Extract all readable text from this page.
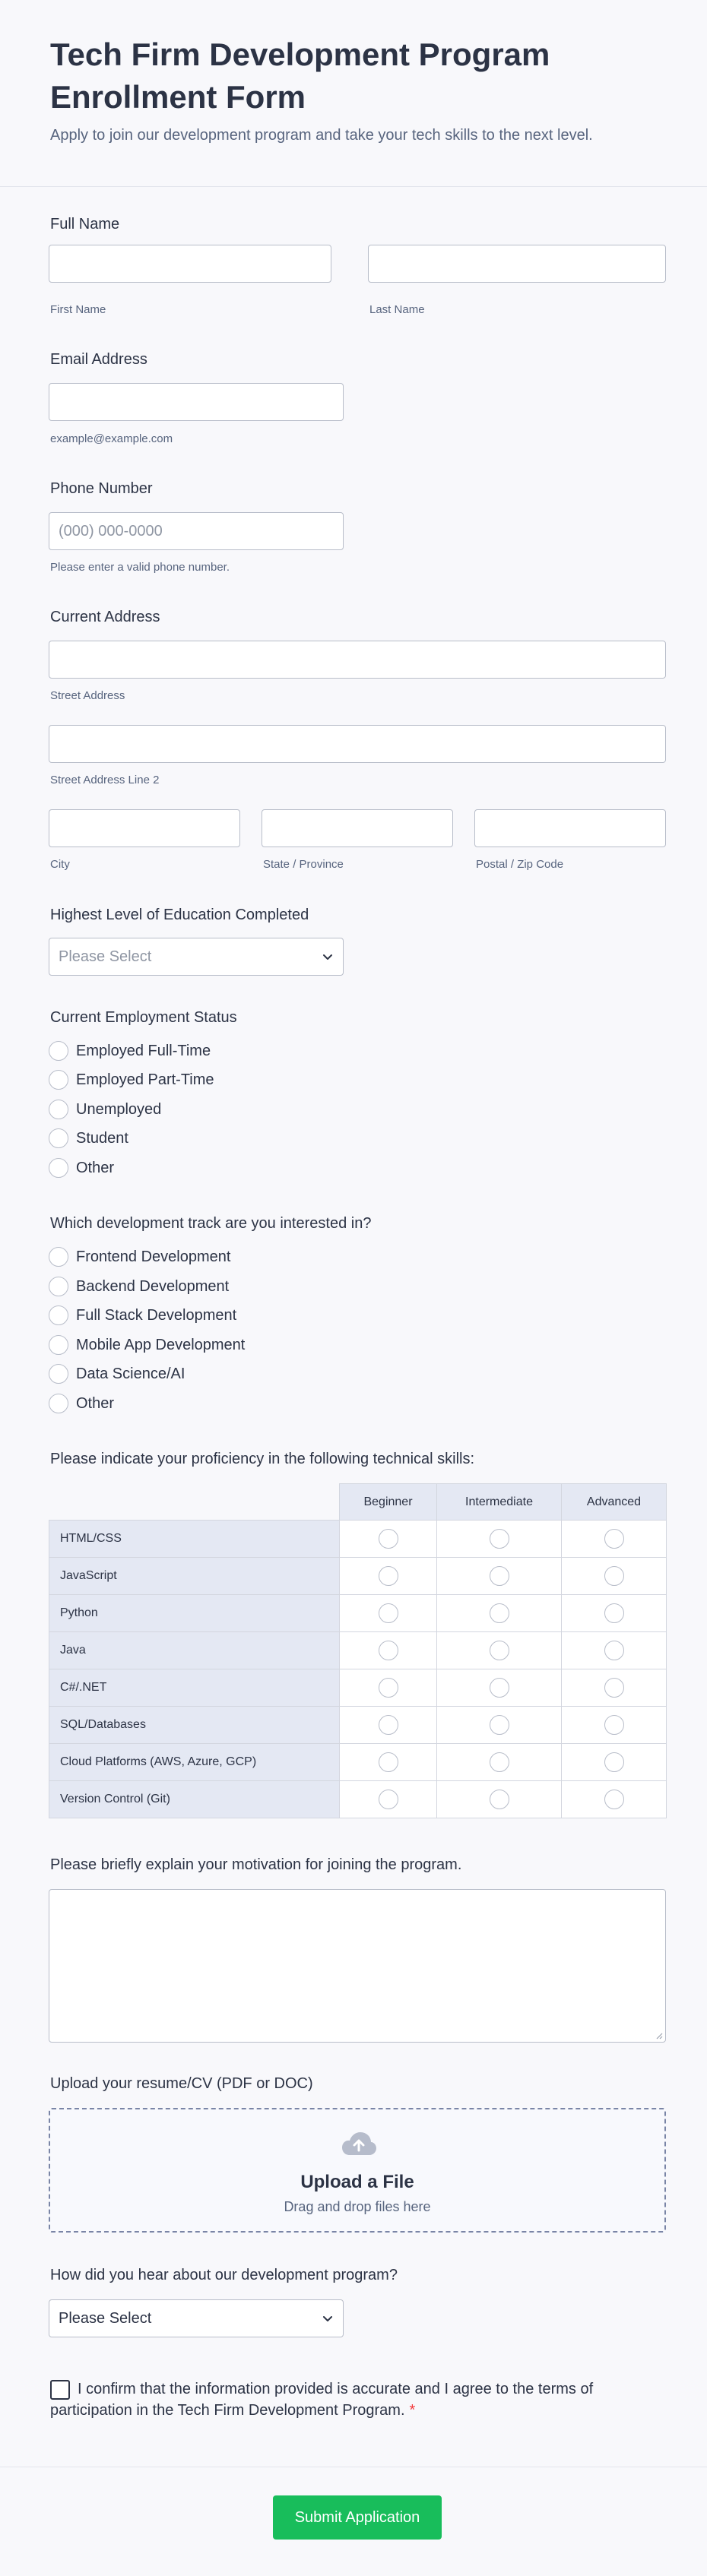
Tech Firm Development Program Enrollment Form

Apply to join our development program and take your tech skills to the next level.

Full Name
First Name	Last Name
Email Address
example@example.com
Phone Number
(000) 000-0000
Please enter a valid phone number.
Current Address
Street Address
Street Address Line 2
City	State / Province	Postal / Zip Code
Highest Level of Education Completed
Please Select
Current Employment Status
Employed Full-Time
Employed Part-Time
Unemployed
Student
Other
Which development track are you interested in?
Frontend Development
Backend Development
Full Stack Development
Mobile App Development
Data Science/AI
Other
Please indicate your proficiency in the following technical skills:
	Beginner	Intermediate	Advanced
HTML/CSS			
JavaScript			
Python			
Java			
C#/.NET			
SQL/Databases			
Cloud Platforms (AWS, Azure, GCP)			
Version Control (Git)			
Please briefly explain your motivation for joining the program.
Upload your resume/CV (PDF or DOC)
Upload a File
Drag and drop files here
How did you hear about our development program?
Please Select
I confirm that the information provided is accurate and I agree to the terms of participation in the Tech Firm Development Program. *
Submit Application
